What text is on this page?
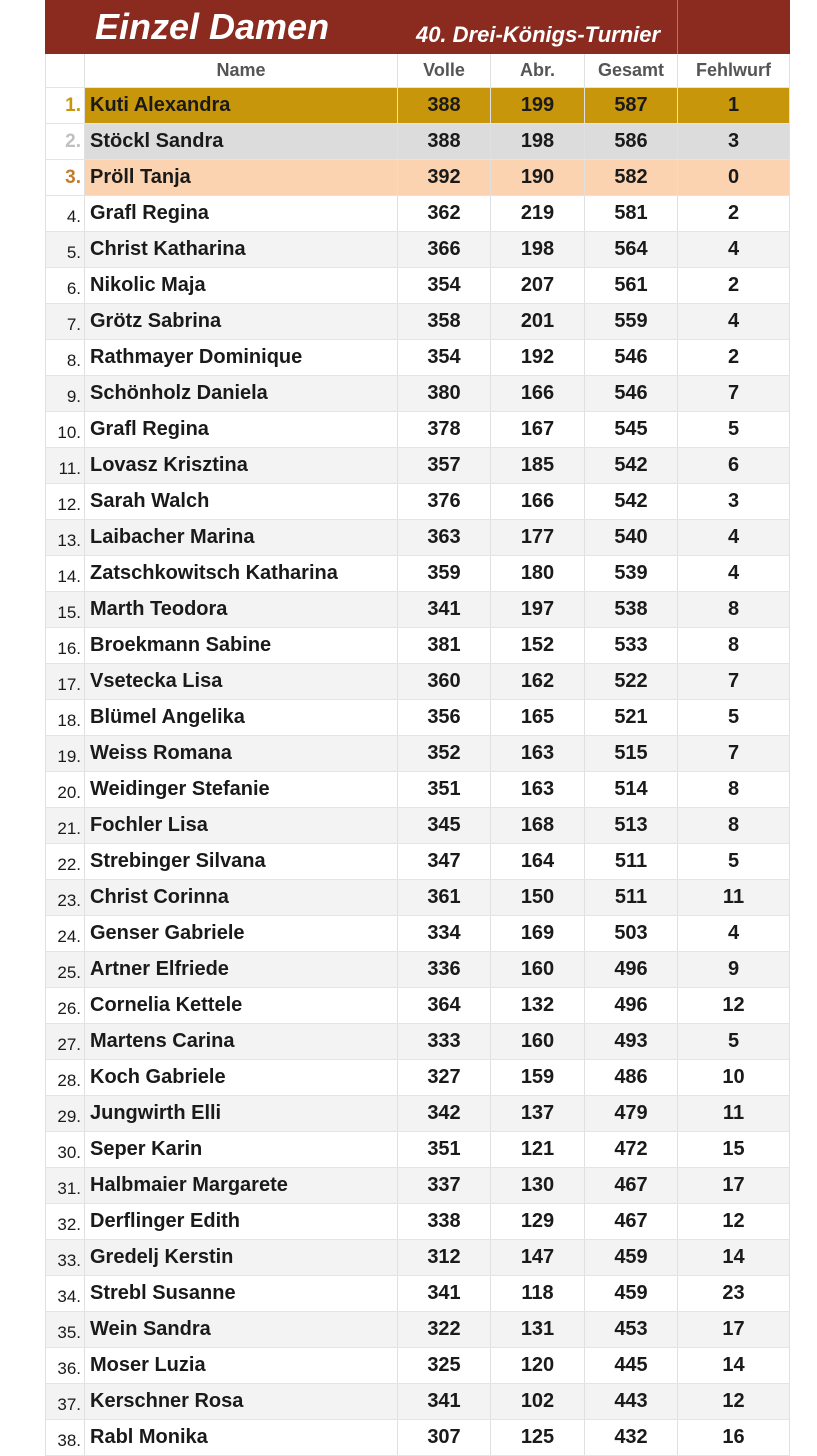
Einzel Damen	40. Drei-Königs-Turnier
Name	Volle	Abr.	Gesamt	Fehlwurf
1. Kuti Alexandra	388	199	587	1
2. Stöckl Sandra	388	198	586	3
3. Pröll Tanja	392	190	582	0
4. Grafl Regina	362	219	581	2
5. Christ Katharina	366	198	564	4
6. Nikolic Maja	354	207	561	2
7. Grötz Sabrina	358	201	559	4
8. Rathmayer Dominique	354	192	546	2
9. Schönholz Daniela	380	166	546	7
10. Grafl Regina	378	167	545	5
11. Lovasz Krisztina	357	185	542	6
12. Sarah Walch	376	166	542	3
13. Laibacher Marina	363	177	540	4
14. Zatschkowitsch Katharina	359	180	539	4
15. Marth Teodora	341	197	538	8
16. Broekmann Sabine	381	152	533	8
17. Vsetecka Lisa	360	162	522	7
18. Blümel Angelika	356	165	521	5
19. Weiss Romana	352	163	515	7
20. Weidinger Stefanie	351	163	514	8
21. Fochler Lisa	345	168	513	8
22. Strebinger Silvana	347	164	511	5
23. Christ Corinna	361	150	511	11
24. Genser Gabriele	334	169	503	4
25. Artner Elfriede	336	160	496	9
26. Cornelia Kettele	364	132	496	12
27. Martens Carina	333	160	493	5
28. Koch Gabriele	327	159	486	10
29. Jungwirth Elli	342	137	479	11
30. Seper Karin	351	121	472	15
31. Halbmaier Margarete	337	130	467	17
32. Derflinger Edith	338	129	467	12
33. Gredelj Kerstin	312	147	459	14
34. Strebl Susanne	341	118	459	23
35. Wein Sandra	322	131	453	17
36. Moser Luzia	325	120	445	14
37. Kerschner Rosa	341	102	443	12
38. Rabl Monika	307	125	432	16
